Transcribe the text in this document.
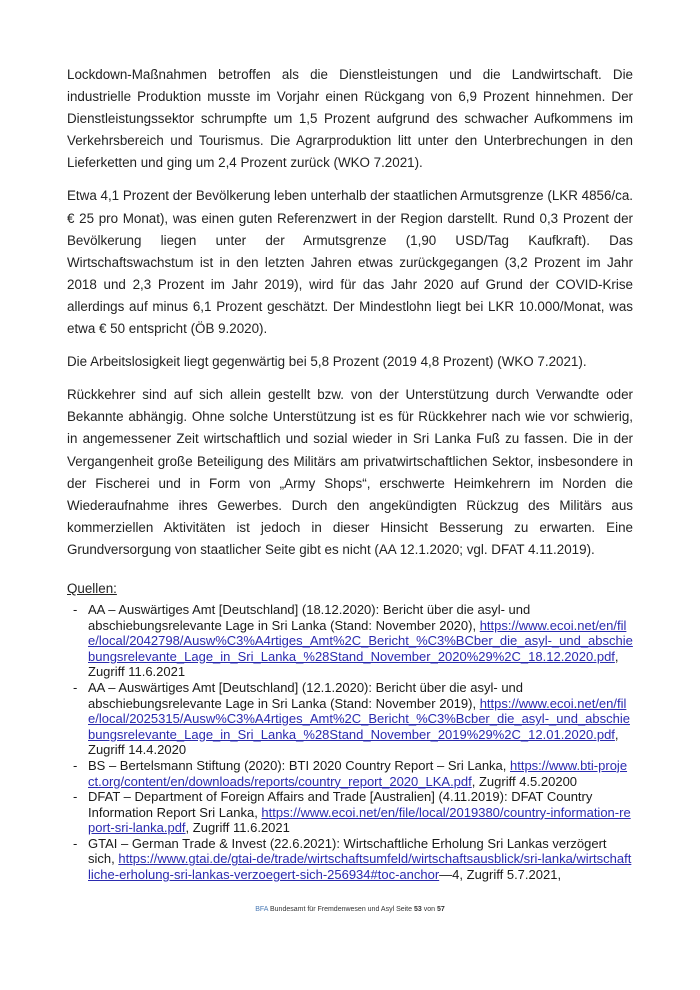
Lockdown-Maßnahmen betroffen als die Dienstleistungen und die Landwirtschaft. Die industrielle Produktion musste im Vorjahr einen Rückgang von 6,9 Prozent hinnehmen. Der Dienstleistungssektor schrumpfte um 1,5 Prozent aufgrund des schwacher Aufkommens im Verkehrsbereich und Tourismus. Die Agrarproduktion litt unter den Unterbrechungen in den Lieferketten und ging um 2,4 Prozent zurück (WKO 7.2021).

Etwa 4,1 Prozent der Bevölkerung leben unterhalb der staatlichen Armutsgrenze (LKR 4856/ca. € 25 pro Monat), was einen guten Referenzwert in der Region darstellt. Rund 0,3 Prozent der Bevölkerung liegen unter der Armutsgrenze (1,90 USD/Tag Kaufkraft). Das Wirtschaftswachstum ist in den letzten Jahren etwas zurückgegangen (3,2 Prozent im Jahr 2018 und 2,3 Prozent im Jahr 2019), wird für das Jahr 2020 auf Grund der COVID-Krise allerdings auf minus 6,1 Prozent geschätzt. Der Mindestlohn liegt bei LKR 10.000/Monat, was etwa € 50 entspricht (ÖB 9.2020).

Die Arbeitslosigkeit liegt gegenwärtig bei 5,8 Prozent (2019 4,8 Prozent) (WKO 7.2021).

Rückkehrer sind auf sich allein gestellt bzw. von der Unterstützung durch Verwandte oder Bekannte abhängig. Ohne solche Unterstützung ist es für Rückkehrer nach wie vor schwierig, in angemessener Zeit wirtschaftlich und sozial wieder in Sri Lanka Fuß zu fassen. Die in der Vergangenheit große Beteiligung des Militärs am privatwirtschaftlichen Sektor, insbesondere in der Fischerei und in Form von „Army Shops“, erschwerte Heimkehrern im Norden die Wiederaufnahme ihres Gewerbes. Durch den angekündigten Rückzug des Militärs aus kommerziellen Aktivitäten ist jedoch in dieser Hinsicht Besserung zu erwarten. Eine Grundversorgung von staatlicher Seite gibt es nicht (AA 12.1.2020; vgl. DFAT 4.11.2019).

Quellen:
- AA – Auswärtiges Amt [Deutschland] (18.12.2020): Bericht über die asyl- und abschiebungsrelevante Lage in Sri Lanka (Stand: November 2020), https://www.ecoi.net/en/file/local/2042798/Ausw%C3%A4rtiges_Amt%2C_Bericht_%C3%BCber_die_asyl-_und_abschiebungsrelevante_Lage_in_Sri_Lanka_%28Stand_November_2020%29%2C_18.12.2020.pdf, Zugriff 11.6.2021
- AA – Auswärtiges Amt [Deutschland] (12.1.2020): Bericht über die asyl- und abschiebungsrelevante Lage in Sri Lanka (Stand: November 2019), https://www.ecoi.net/en/file/local/2025315/Ausw%C3%A4rtiges_Amt%2C_Bericht_%C3%Bcber_die_asyl-_und_abschiebungsrelevante_Lage_in_Sri_Lanka_%28Stand_November_2019%29%2C_12.01.2020.pdf, Zugriff 14.4.2020
- BS – Bertelsmann Stiftung (2020): BTI 2020 Country Report – Sri Lanka, https://www.bti-project.org/content/en/downloads/reports/country_report_2020_LKA.pdf, Zugriff 4.5.20200
- DFAT – Department of Foreign Affairs and Trade [Australien] (4.11.2019): DFAT Country Information Report Sri Lanka, https://www.ecoi.net/en/file/local/2019380/country-information-report-sri-lanka.pdf, Zugriff 11.6.2021
- GTAI – German Trade & Invest (22.6.2021): Wirtschaftliche Erholung Sri Lankas verzögert sich, https://www.gtai.de/gtai-de/trade/wirtschaftsumfeld/wirtschaftsausblick/sri-lanka/wirtschaftliche-erholung-sri-lankas-verzoegert-sich-256934#toc-anchor—4, Zugriff 5.7.2021,
BFA Bundesamt für Fremdenwesen und Asyl Seite 53 von 57
